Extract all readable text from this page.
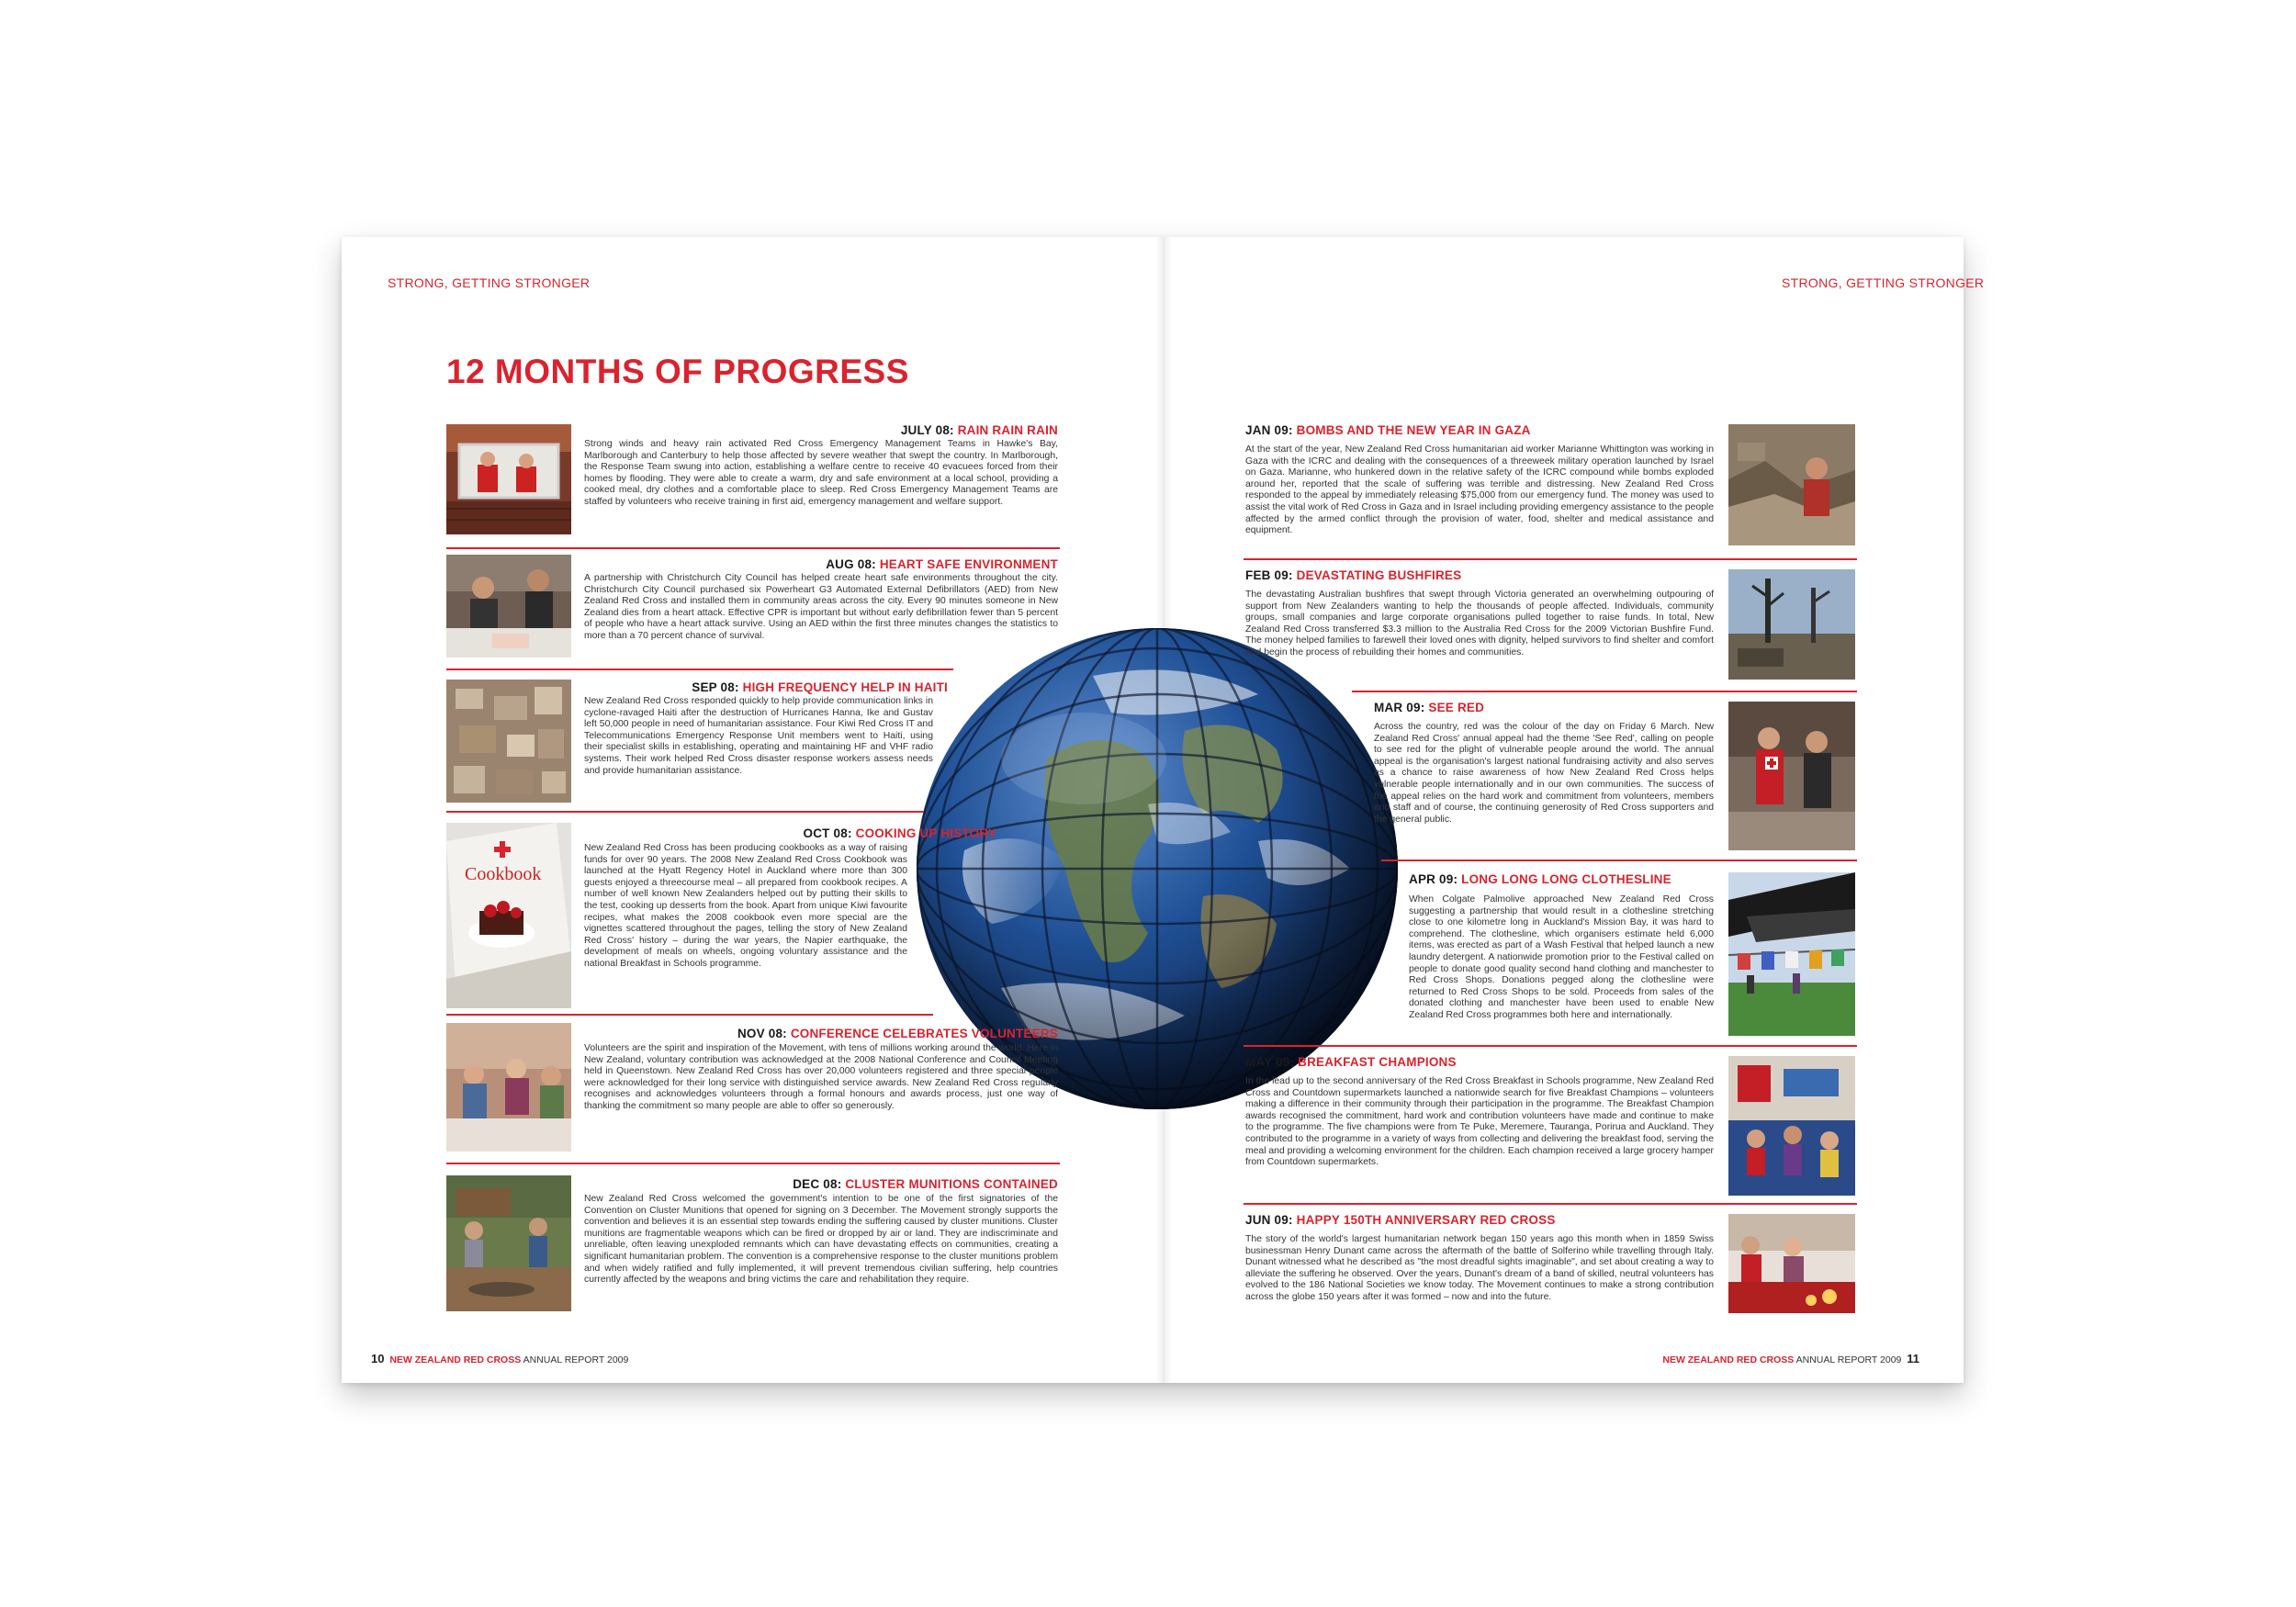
STRONG, GETTING STRONGER	STRONG, GETTING STRONGER
12 MONTHS OF PROGRESS
JULY 08: RAIN RAIN RAIN

Strong winds and heavy rain activated Red Cross Emergency Management Teams in Hawke's Bay, Marlborough and Canterbury to help those affected by severe weather that swept the country. In Marlborough, the Response Team swung into action, establishing a welfare centre to receive 40 evacuees forced from their homes by flooding. They were able to create a warm, dry and safe environment at a local school, providing a cooked meal, dry clothes and a comfortable place to sleep. Red Cross Emergency Management Teams are staffed by volunteers who receive training in first aid, emergency management and welfare support.

AUG 08: HEART SAFE ENVIRONMENT

A partnership with Christchurch City Council has helped create heart safe environments throughout the city. Christchurch City Council purchased six Powerheart G3 Automated External Defibrillators (AED) from New Zealand Red Cross and installed them in community areas across the city. Every 90 minutes someone in New Zealand dies from a heart attack. Effective CPR is important but without early defibrillation fewer than 5 percent of people who have a heart attack survive. Using an AED within the first three minutes changes the statistics to more than a 70 percent chance of survival.

SEP 08: HIGH FREQUENCY HELP IN HAITI

New Zealand Red Cross responded quickly to help provide communication links in cyclone-ravaged Haiti after the destruction of Hurricanes Hanna, Ike and Gustav left 50,000 people in need of humanitarian assistance. Four Kiwi Red Cross IT and Telecommunications Emergency Response Unit members went to Haiti, using their specialist skills in establishing, operating and maintaining HF and VHF radio systems. Their work helped Red Cross disaster response workers assess needs and provide humanitarian assistance.

Cookbook
OCT 08: COOKING UP HISTORY

New Zealand Red Cross has been producing cookbooks as a way of raising funds for over 90 years. The 2008 New Zealand Red Cross Cookbook was launched at the Hyatt Regency Hotel in Auckland where more than 300 guests enjoyed a threecourse meal – all prepared from cookbook recipes. A number of well known New Zealanders helped out by putting their skills to the test, cooking up desserts from the book. Apart from unique Kiwi favourite recipes, what makes the 2008 cookbook even more special are the vignettes scattered throughout the pages, telling the story of New Zealand Red Cross' history – during the war years, the Napier earthquake, the development of meals on wheels, ongoing voluntary assistance and the national Breakfast in Schools programme.

NOV 08: CONFERENCE CELEBRATES VOLUNTEERS

Volunteers are the spirit and inspiration of the Movement, with tens of millions working around the world. Here in New Zealand, voluntary contribution was acknowledged at the 2008 National Conference and Council Meeting held in Queenstown. New Zealand Red Cross has over 20,000 volunteers registered and three special people were acknowledged for their long service with distinguished service awards. New Zealand Red Cross regularly recognises and acknowledges volunteers through a formal honours and awards process, just one way of thanking the commitment so many people are able to offer so generously.

DEC 08: CLUSTER MUNITIONS CONTAINED

New Zealand Red Cross welcomed the government's intention to be one of the first signatories of the Convention on Cluster Munitions that opened for signing on 3 December. The Movement strongly supports the convention and believes it is an essential step towards ending the suffering caused by cluster munitions. Cluster munitions are fragmentable weapons which can be fired or dropped by air or land. They are indiscriminate and unreliable, often leaving unexploded remnants which can have devastating effects on communities, creating a significant humanitarian problem. The convention is a comprehensive response to the cluster munitions problem and when widely ratified and fully implemented, it will prevent tremendous civilian suffering, help countries currently affected by the weapons and bring victims the care and rehabilitation they require.

JAN 09: BOMBS AND THE NEW YEAR IN GAZA

At the start of the year, New Zealand Red Cross humanitarian aid worker Marianne Whittington was working in Gaza with the ICRC and dealing with the consequences of a threeweek military operation launched by Israel on Gaza. Marianne, who hunkered down in the relative safety of the ICRC compound while bombs exploded around her, reported that the scale of suffering was terrible and distressing. New Zealand Red Cross responded to the appeal by immediately releasing $75,000 from our emergency fund. The money was used to assist the vital work of Red Cross in Gaza and in Israel including providing emergency assistance to the people affected by the armed conflict through the provision of water, food, shelter and medical assistance and equipment.

FEB 09: DEVASTATING BUSHFIRES

The devastating Australian bushfires that swept through Victoria generated an overwhelming outpouring of support from New Zealanders wanting to help the thousands of people affected. Individuals, community groups, small companies and large corporate organisations pulled together to raise funds. In total, New Zealand Red Cross transferred $3.3 million to the Australia Red Cross for the 2009 Victorian Bushfire Fund. The money helped families to farewell their loved ones with dignity, helped survivors to find shelter and comfort and begin the process of rebuilding their homes and communities.

MAR 09: SEE RED

Across the country, red was the colour of the day on Friday 6 March. New Zealand Red Cross' annual appeal had the theme 'See Red', calling on people to see red for the plight of vulnerable people around the world. The annual appeal is the organisation's largest national fundraising activity and also serves as a chance to raise awareness of how New Zealand Red Cross helps vulnerable people internationally and in our own communities. The success of the appeal relies on the hard work and commitment from volunteers, members and staff and of course, the continuing generosity of Red Cross supporters and the general public.

APR 09: LONG LONG LONG CLOTHESLINE

When Colgate Palmolive approached New Zealand Red Cross suggesting a partnership that would result in a clothesline stretching close to one kilometre long in Auckland's Mission Bay, it was hard to comprehend. The clothesline, which organisers estimate held 6,000 items, was erected as part of a Wash Festival that helped launch a new laundry detergent. A nationwide promotion prior to the Festival called on people to donate good quality second hand clothing and manchester to Red Cross Shops. Donations pegged along the clothesline were returned to Red Cross Shops to be sold. Proceeds from sales of the donated clothing and manchester have been used to enable New Zealand Red Cross programmes both here and internationally.

MAY 09: BREAKFAST CHAMPIONS

In the lead up to the second anniversary of the Red Cross Breakfast in Schools programme, New Zealand Red Cross and Countdown supermarkets launched a nationwide search for five Breakfast Champions – volunteers making a difference in their community through their participation in the programme. The Breakfast Champion awards recognised the commitment, hard work and contribution volunteers have made and continue to make to the programme. The five champions were from Te Puke, Meremere, Tauranga, Porirua and Auckland. They contributed to the programme in a variety of ways from collecting and delivering the breakfast food, serving the meal and providing a welcoming environment for the children. Each champion received a large grocery hamper from Countdown supermarkets.

JUN 09: HAPPY 150TH ANNIVERSARY RED CROSS

The story of the world's largest humanitarian network began 150 years ago this month when in 1859 Swiss businessman Henry Dunant came across the aftermath of the battle of Solferino while travelling through Italy. Dunant witnessed what he described as "the most dreadful sights imaginable", and set about creating a way to alleviate the suffering he observed. Over the years, Dunant's dream of a band of skilled, neutral volunteers has evolved to the 186 National Societies we know today. The Movement continues to make a strong contribution across the globe 150 years after it was formed – now and into the future.

10 NEW ZEALAND RED CROSS ANNUAL REPORT 2009	NEW ZEALAND RED CROSS ANNUAL REPORT 2009 11
